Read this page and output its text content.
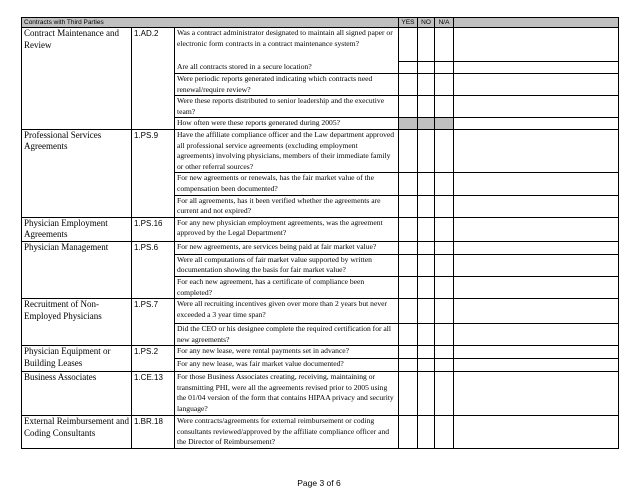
Contracts with Third Parties			YES	NO	N/A	
Contract Maintenance and Review	1.AD.2	Was a contract administrator designated to maintain all signed paper or electronic form contracts in a contract maintenance system?				
		Are all contracts stored in a secure location?				
		Were periodic reports generated indicating which contracts need renewal/require review?				
		Were these reports distributed to senior leadership and the executive team?				
		How often were these reports generated during 2005?				
Professional Services Agreements	1.PS.9	Have the affiliate compliance officer and the Law department approved all professional service agreements (excluding employment agreements) involving physicians, members of their immediate family or other referral sources?				
		For new agreements or renewals, has the fair market value of the compensation been documented?				
		For all agreements, has it been verified whether the agreements are current and not expired?				
Physician Employment Agreements	1.PS.16	For any new physician employment agreements, was the agreement approved by the Legal Department?				
Physician Management	1.PS.6	For new agreements, are services being paid at fair market value?				
		Were all computations of fair market value supported by written documentation showing the basis for fair market value?				
		For each new agreement, has a certificate of compliance been completed?				
Recruitment of Non-Employed Physicians	1.PS.7	Were all recruiting incentives given over more than 2 years but never exceeded a 3 year time span?				
		Did the CEO or his designee complete the required certification for all new agreements?				
Physician Equipment or Building Leases	1.PS.2	For any new lease, were rental payments set in advance?				
		For any new lease, was fair market value documented?				
Business Associates	1.CE.13	For those Business Associates creating, receiving, maintaining or transmitting PHI, were all the agreements revised prior to 2005 using the 01/04 version of the form that contains HIPAA privacy and security language?				
External Reimbursement and Coding Consultants	1.BR.18	Were contracts/agreements for external reimbursement or coding consultants reviewed/approved by the affiliate compliance officer and the Director of Reimbursement?				
Page 3 of 6
